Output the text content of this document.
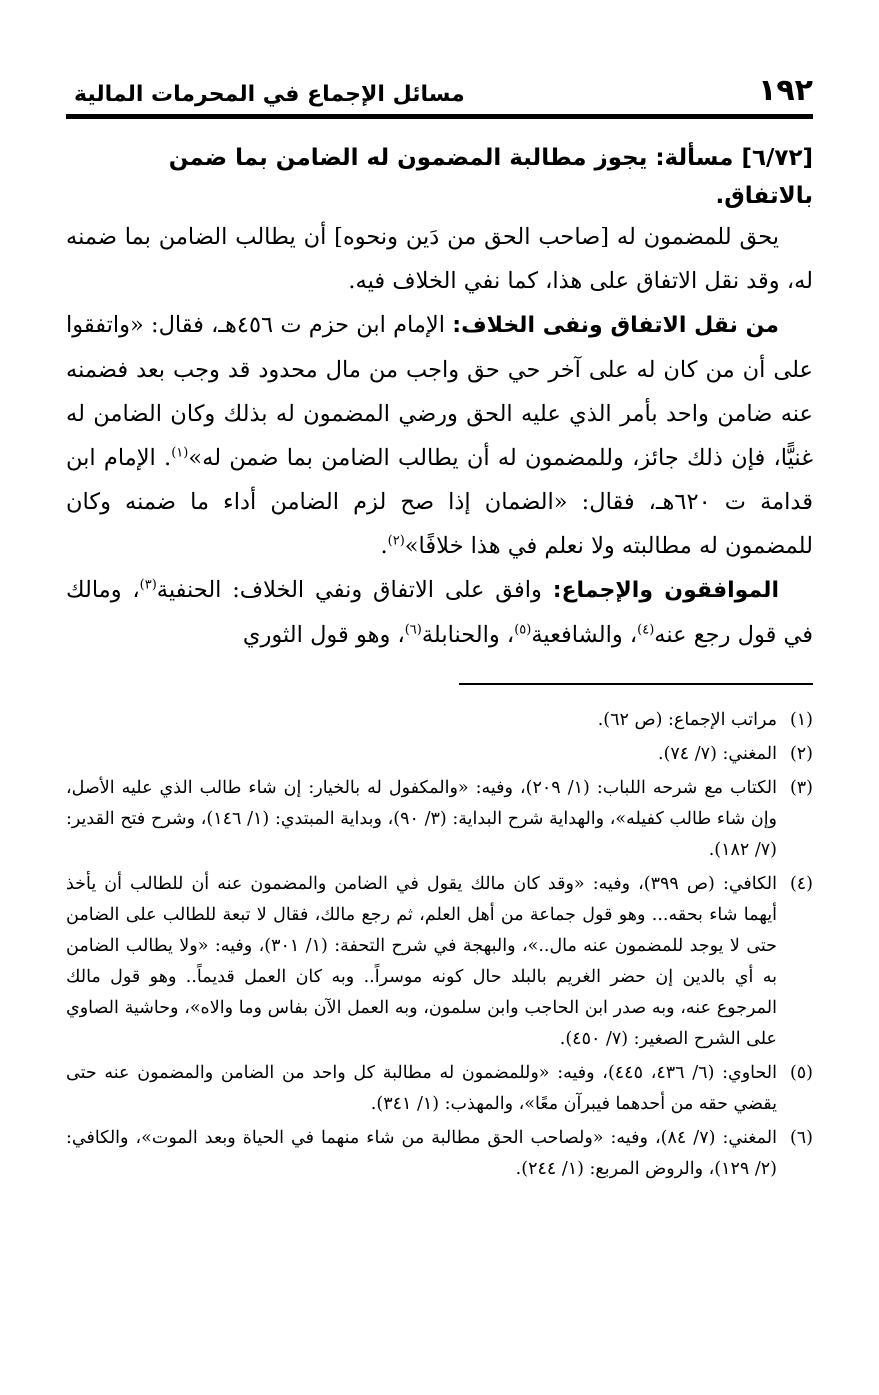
١٩٢
مسائل الإجماع في المحرمات المالية
[٦/٧٢] مسألة: يجوز مطالبة المضمون له الضامن بما ضمن بالاتفاق.

يحق للمضمون له [صاحب الحق من دَين ونحوه] أن يطالب الضامن بما ضمنه له، وقد نقل الاتفاق على هذا، كما نفي الخلاف فيه.

من نقل الاتفاق ونفى الخلاف: الإمام ابن حزم ت ٤٥٦هـ، فقال: «واتفقوا على أن من كان له على آخر حي حق واجب من مال محدود قد وجب بعد فضمنه عنه ضامن واحد بأمر الذي عليه الحق ورضي المضمون له بذلك وكان الضامن له غنيًّا، فإن ذلك جائز، وللمضمون له أن يطالب الضامن بما ضمن له»$^{(١)}$. الإمام ابن قدامة ت ٦٢٠هـ، فقال: «الضمان إذا صح لزم الضامن أداء ما ضمنه وكان للمضمون له مطالبته ولا نعلم في هذا خلافًا»$^{(٢)}$.

الموافقون والإجماع: وافق على الاتفاق ونفي الخلاف: الحنفية$^{(٣)}$، ومالك في قول رجع عنه$^{(٤)}$، والشافعية$^{(٥)}$، والحنابلة$^{(٦)}$، وهو قول الثوري

(١)
مراتب الإجماع: (ص ٦٢).
(٢)
المغني: (٧/ ٧٤).
(٣)
الكتاب مع شرحه اللباب: (١/ ٢٠٩)، وفيه: «والمكفول له بالخيار: إن شاء طالب الذي عليه الأصل، وإن شاء طالب كفيله»، والهداية شرح البداية: (٣/ ٩٠)، وبداية المبتدي: (١/ ١٤٦)، وشرح فتح القدير: (٧/ ١٨٢).
(٤)
الكافي: (ص ٣٩٩)، وفيه: «وقد كان مالك يقول في الضامن والمضمون عنه أن للطالب أن يأخذ أيهما شاء بحقه... وهو قول جماعة من أهل العلم، ثم رجع مالك، فقال لا تبعة للطالب على الضامن حتى لا يوجد للمضمون عنه مال..»، والبهجة في شرح التحفة: (١/ ٣٠١)، وفيه: «ولا يطالب الضامن به أي بالدين إن حضر الغريم بالبلد حال كونه موسراً.. وبه كان العمل قديماً.. وهو قول مالك المرجوع عنه، وبه صدر ابن الحاجب وابن سلمون، وبه العمل الآن بفاس وما والاه»، وحاشية الصاوي على الشرح الصغير: (٧/ ٤٥٠).
(٥)
الحاوي: (٦/ ٤٣٦، ٤٤٥)، وفيه: «وللمضمون له مطالبة كل واحد من الضامن والمضمون عنه حتى يقضي حقه من أحدهما فيبرآن معًا»، والمهذب: (١/ ٣٤١).
(٦)
المغني: (٧/ ٨٤)، وفيه: «ولصاحب الحق مطالبة من شاء منهما في الحياة وبعد الموت»، والكافي: (٢/ ١٢٩)، والروض المربع: (١/ ٢٤٤).
